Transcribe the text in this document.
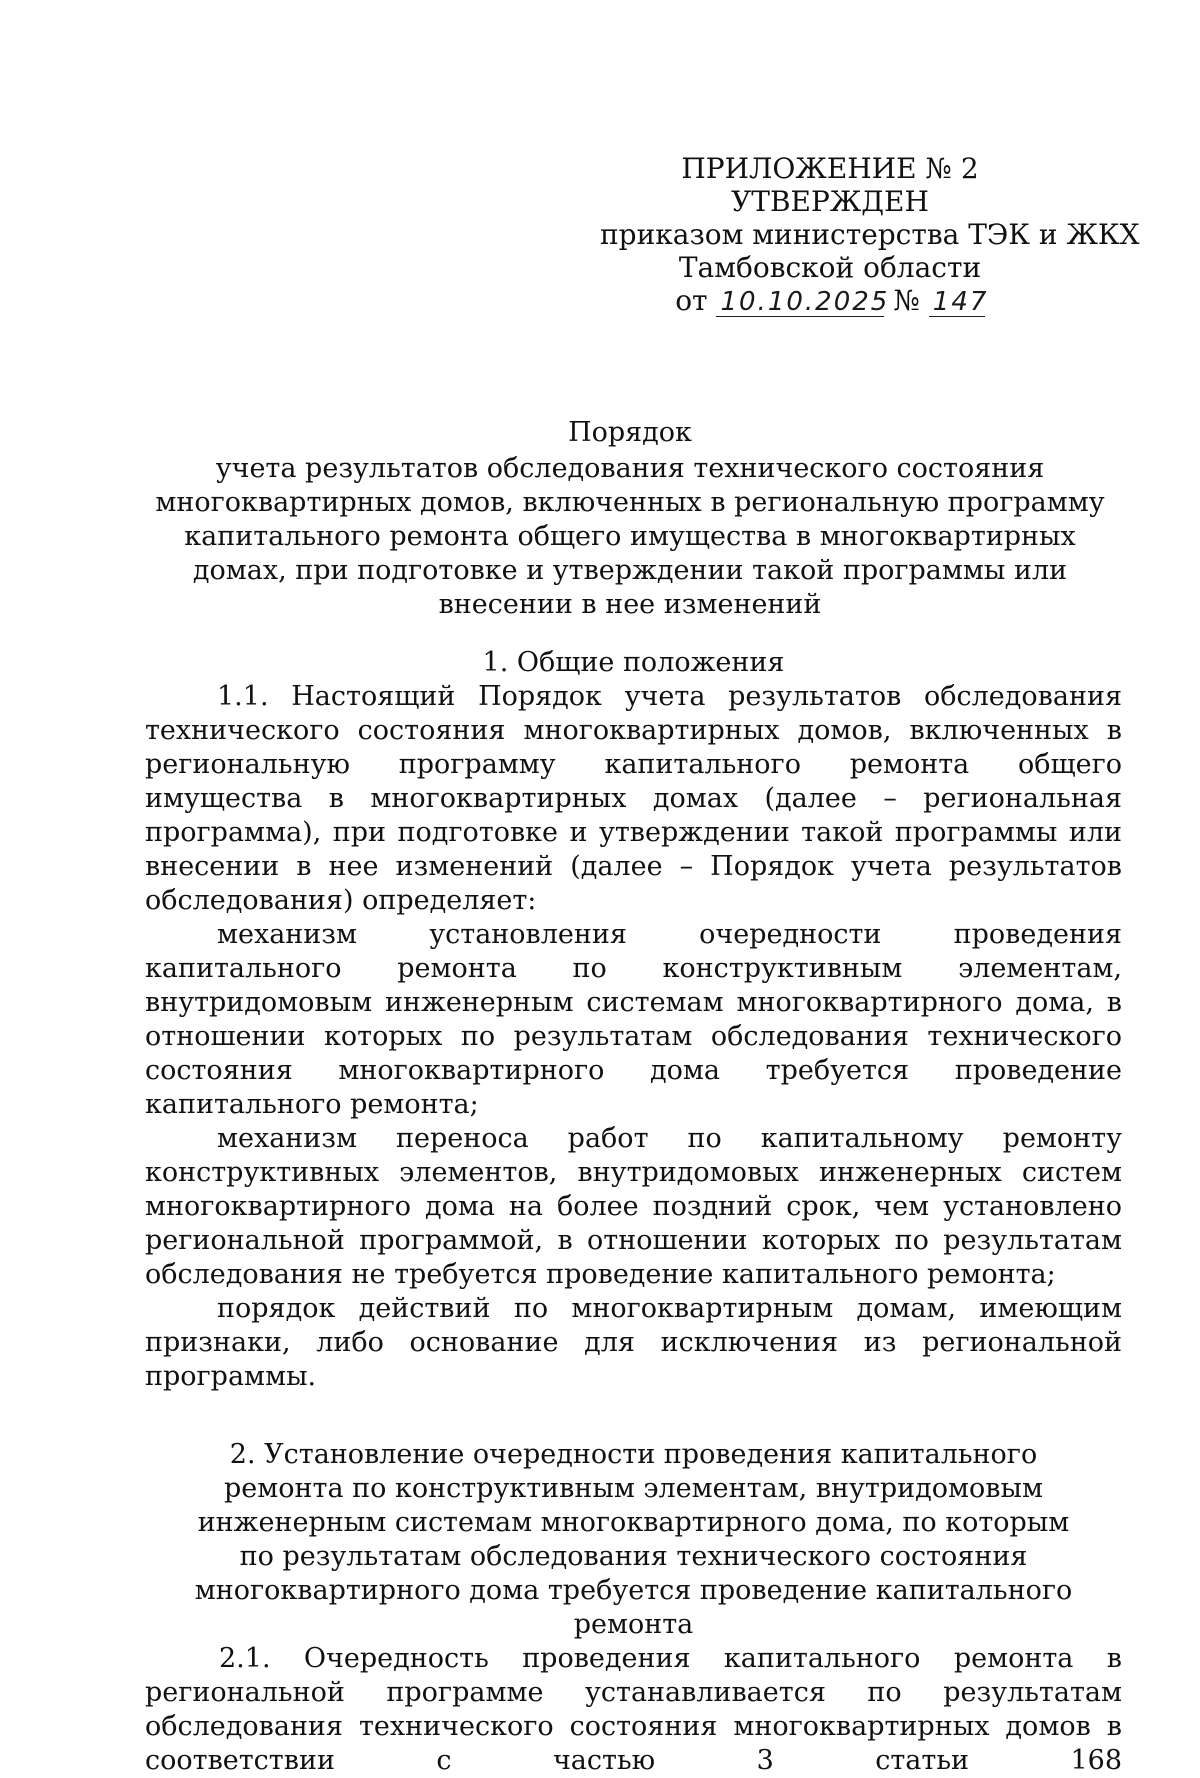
ПРИЛОЖЕНИЕ № 2
УТВЕРЖДЕН
приказом министерства ТЭК и ЖКХ
Тамбовской области
от 10.10.2025 № 147
Порядок
учета результатов обследования технического состояния многоквартирных домов, включенных в региональную программу капитального ремонта общего имущества в многоквартирных домах, при подготовке и утверждении такой программы или внесении в нее изменений
1. Общие положения

1.1. Настоящий Порядок учета результатов обследования технического состояния многоквартирных домов, включенных в региональную программу капитального ремонта общего имущества в многоквартирных домах (далее – региональная программа), при подготовке и утверждении такой программы или внесении в нее изменений (далее – Порядок учета результатов обследования) определяет:

механизм установления очередности проведения капитального ремонта по конструктивным элементам, внутридомовым инженерным системам многоквартирного дома, в отношении которых по результатам обследования технического состояния многоквартирного дома требуется проведение капитального ремонта;

механизм переноса работ по капитальному ремонту конструктивных элементов, внутридомовых инженерных систем многоквартирного дома на более поздний срок, чем установлено региональной программой, в отношении которых по результатам обследования не требуется проведение капитального ремонта;

порядок действий по многоквартирным домам, имеющим признаки, либо основание для исключения из региональной программы.

2. Установление очередности проведения капитального ремонта по конструктивным элементам, внутридомовым инженерным системам многоквартирного дома, по которым по результатам обследования технического состояния многоквартирного дома требуется проведение капитального ремонта

2.1. Очередность проведения капитального ремонта в региональной программе устанавливается по результатам обследования технического состояния многоквартирных домов в соответствии с частью 3 статьи 168
